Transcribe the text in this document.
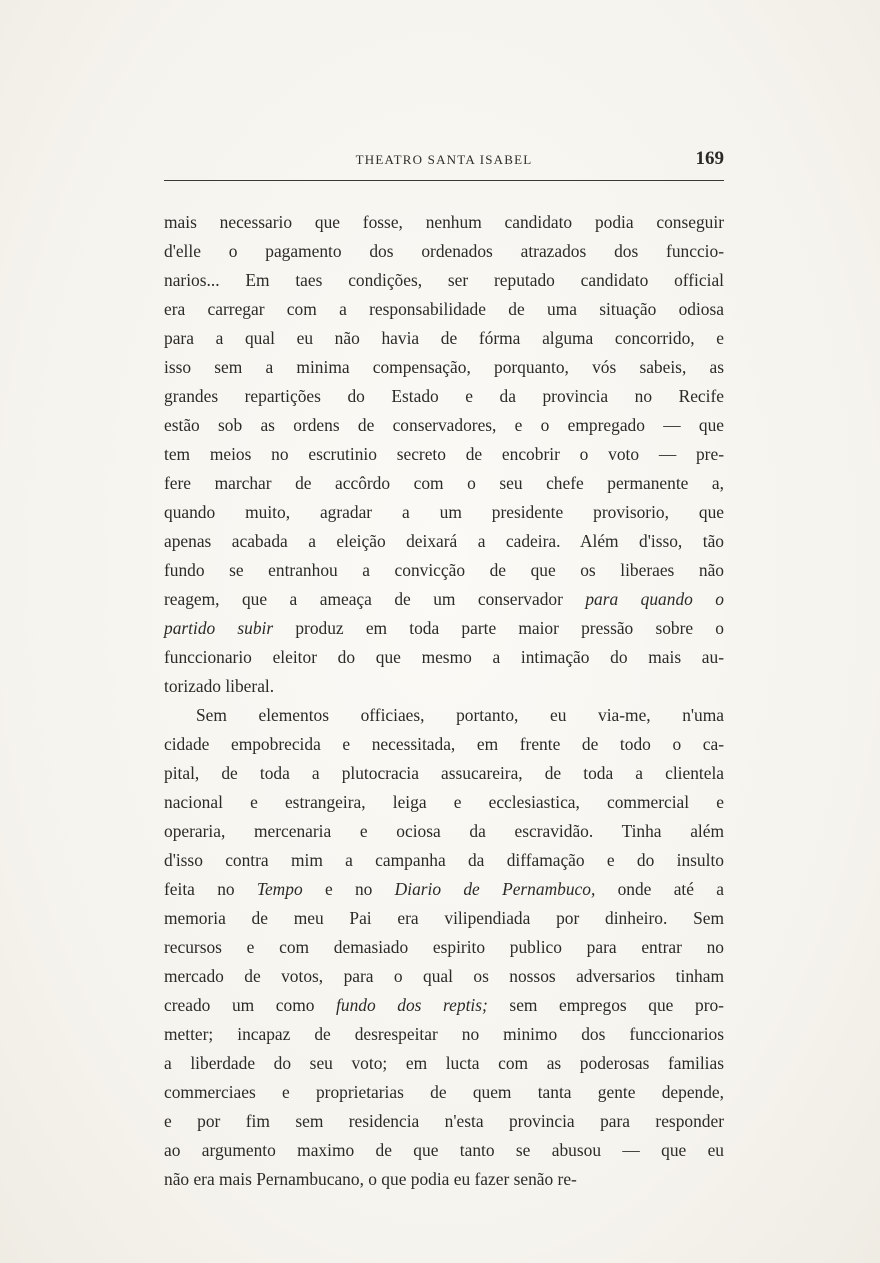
THEATRO SANTA ISABEL	169
mais necessario que fosse, nenhum candidato podia conseguir
d'elle o pagamento dos ordenados atrazados dos funccio-
narios... Em taes condições, ser reputado candidato official
era carregar com a responsabilidade de uma situação odiosa
para a qual eu não havia de fórma alguma concorrido, e
isso sem a minima compensação, porquanto, vós sabeis, as
grandes repartições do Estado e da provincia no Recife
estão sob as ordens de conservadores, e o empregado — que
tem meios no escrutinio secreto de encobrir o voto — pre-
fere marchar de accôrdo com o seu chefe permanente a,
quando muito, agradar a um presidente provisorio, que
apenas acabada a eleição deixará a cadeira. Além d'isso, tão
fundo se entranhou a convicção de que os liberaes não
reagem, que a ameaça de um conservador para quando o
partido subir produz em toda parte maior pressão sobre o
funccionario eleitor do que mesmo a intimação do mais au-
torizado liberal.
Sem elementos officiaes, portanto, eu via-me, n'uma
cidade empobrecida e necessitada, em frente de todo o ca-
pital, de toda a plutocracia assucareira, de toda a clientela
nacional e estrangeira, leiga e ecclesiastica, commercial e
operaria, mercenaria e ociosa da escravidão. Tinha além
d'isso contra mim a campanha da diffamação e do insulto
feita no Tempo e no Diario de Pernambuco, onde até a
memoria de meu Pai era vilipendiada por dinheiro. Sem
recursos e com demasiado espirito publico para entrar no
mercado de votos, para o qual os nossos adversarios tinham
creado um como fundo dos reptis; sem empregos que pro-
metter; incapaz de desrespeitar no minimo dos funccionarios
a liberdade do seu voto; em lucta com as poderosas familias
commerciaes e proprietarias de quem tanta gente depende,
e por fim sem residencia n'esta provincia para responder
ao argumento maximo de que tanto se abusou — que eu
não era mais Pernambucano, o que podia eu fazer senão re-
